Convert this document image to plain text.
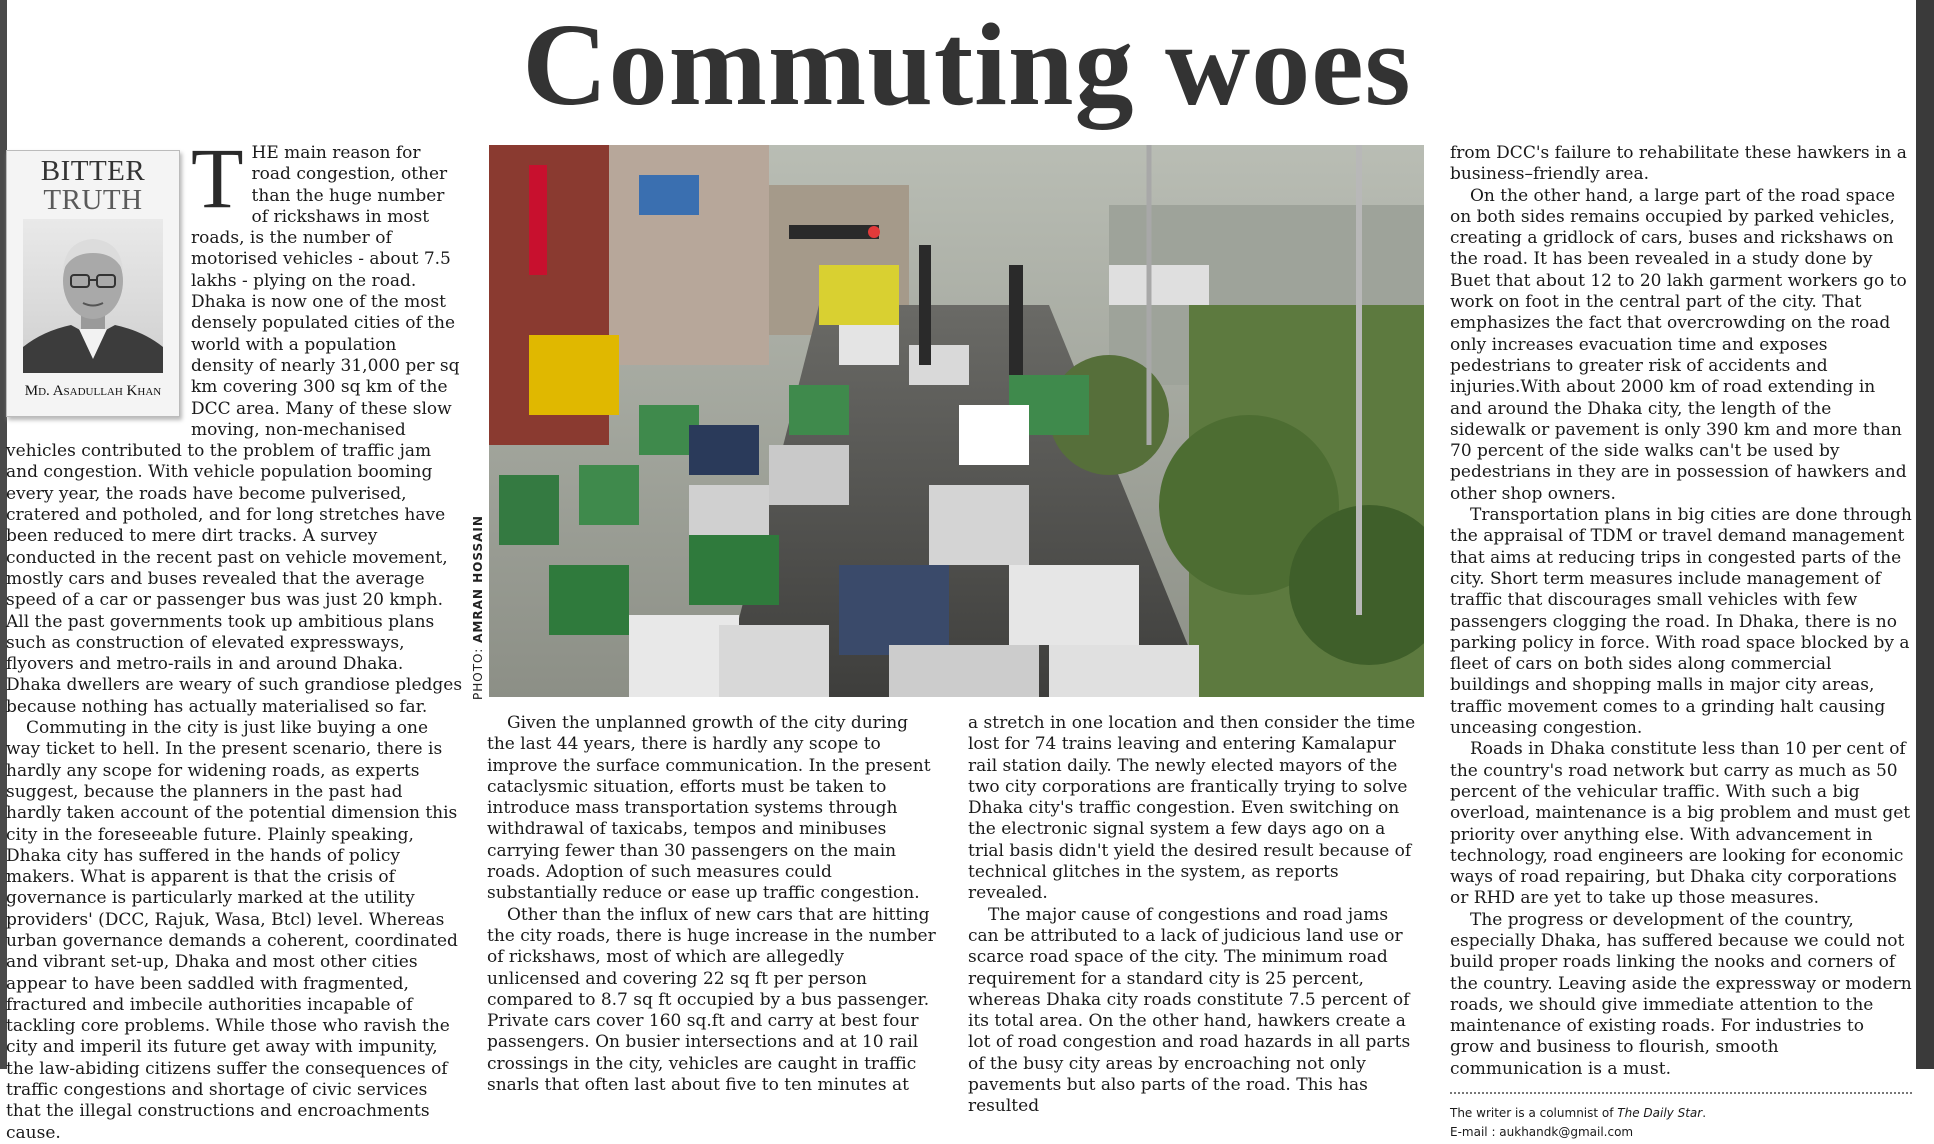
Commuting woes
BITTER
TRUTH
Md. Asadullah Khan
T HE main reason for road congestion, other than the huge number of rickshaws in most roads, is the number of motorised vehicles - about 7.5 lakhs - plying on the road. Dhaka is now one of the most densely populated cities of the world with a population density of nearly 31,000 per sq km covering 300 sq km of the DCC area. Many of these slow moving, non-mechanised vehicles contributed to the problem of traffic jam and congestion. With vehicle population booming every year, the roads have become pulverised, cratered and potholed, and for long stretches have been reduced to mere dirt tracks. A survey conducted in the recent past on vehicle movement, mostly cars and buses revealed that the average speed of a car or passenger bus was just 20 kmph. All the past governments took up ambitious plans such as construction of elevated expressways, flyovers and metro-rails in and around Dhaka. Dhaka dwellers are weary of such grandiose pledges because nothing has actually materialised so far.

Commuting in the city is just like buying a one way ticket to hell. In the present scenario, there is hardly any scope for widening roads, as experts suggest, because the planners in the past had hardly taken account of the potential dimension this city in the foreseeable future. Plainly speaking, Dhaka city has suffered in the hands of policy makers. What is apparent is that the crisis of governance is particularly marked at the utility providers' (DCC, Rajuk, Wasa, Btcl) level. Whereas urban governance demands a coherent, coordinated and vibrant set-up, Dhaka and most other cities appear to have been saddled with fragmented, fractured and imbecile authorities incapable of tackling core problems. While those who ravish the city and imperil its future get away with impunity, the law-abiding citizens suffer the consequences of traffic congestions and shortage of civic services that the illegal constructions and encroachments cause.

PHOTO: AMRAN HOSSAIN

Given the unplanned growth of the city during the last 44 years, there is hardly any scope to improve the surface communication. In the present cataclysmic situation, efforts must be taken to introduce mass transportation systems through withdrawal of taxicabs, tempos and minibuses carrying fewer than 30 passengers on the main roads. Adoption of such measures could substantially reduce or ease up traffic congestion.

Other than the influx of new cars that are hitting the city roads, there is huge increase in the number of rickshaws, most of which are allegedly unlicensed and covering 22 sq ft per person compared to 8.7 sq ft occupied by a bus passenger. Private cars cover 160 sq.ft and carry at best four passengers. On busier intersections and at 10 rail crossings in the city, vehicles are caught in traffic snarls that often last about five to ten minutes at

a stretch in one location and then consider the time lost for 74 trains leaving and entering Kamalapur rail station daily. The newly elected mayors of the two city corporations are frantically trying to solve Dhaka city's traffic congestion. Even switching on the electronic signal system a few days ago on a trial basis didn't yield the desired result because of technical glitches in the system, as reports revealed.

The major cause of congestions and road jams can be attributed to a lack of judicious land use or scarce road space of the city. The minimum road requirement for a standard city is 25 percent, whereas Dhaka city roads constitute 7.5 percent of its total area. On the other hand, hawkers create a lot of road congestion and road hazards in all parts of the busy city areas by encroaching not only pavements but also parts of the road. This has resulted

from DCC's failure to rehabilitate these hawkers in a business–friendly area.

On the other hand, a large part of the road space on both sides remains occupied by parked vehicles, creating a gridlock of cars, buses and rickshaws on the road. It has been revealed in a study done by Buet that about 12 to 20 lakh garment workers go to work on foot in the central part of the city. That emphasizes the fact that overcrowding on the road only increases evacuation time and exposes pedestrians to greater risk of accidents and injuries.With about 2000 km of road extending in and around the Dhaka city, the length of the sidewalk or pavement is only 390 km and more than 70 percent of the side walks can't be used by pedestrians in they are in possession of hawkers and other shop owners.

Transportation plans in big cities are done through the appraisal of TDM or travel demand management that aims at reducing trips in congested parts of the city. Short term measures include management of traffic that discourages small vehicles with few passengers clogging the road. In Dhaka, there is no parking policy in force. With road space blocked by a fleet of cars on both sides along commercial buildings and shopping malls in major city areas, traffic movement comes to a grinding halt causing unceasing congestion.

Roads in Dhaka constitute less than 10 per cent of the country's road network but carry as much as 50 percent of the vehicular traffic. With such a big overload, maintenance is a big problem and must get priority over anything else. With advancement in technology, road engineers are looking for economic ways of road repairing, but Dhaka city corporations or RHD are yet to take up those measures.

The progress or development of the country, especially Dhaka, has suffered because we could not build proper roads linking the nooks and corners of the country. Leaving aside the expressway or modern roads, we should give immediate attention to the maintenance of existing roads. For industries to grow and business to flourish, smooth communication is a must.

The writer is a columnist of The Daily Star.
E-mail : aukhandk@gmail.com
